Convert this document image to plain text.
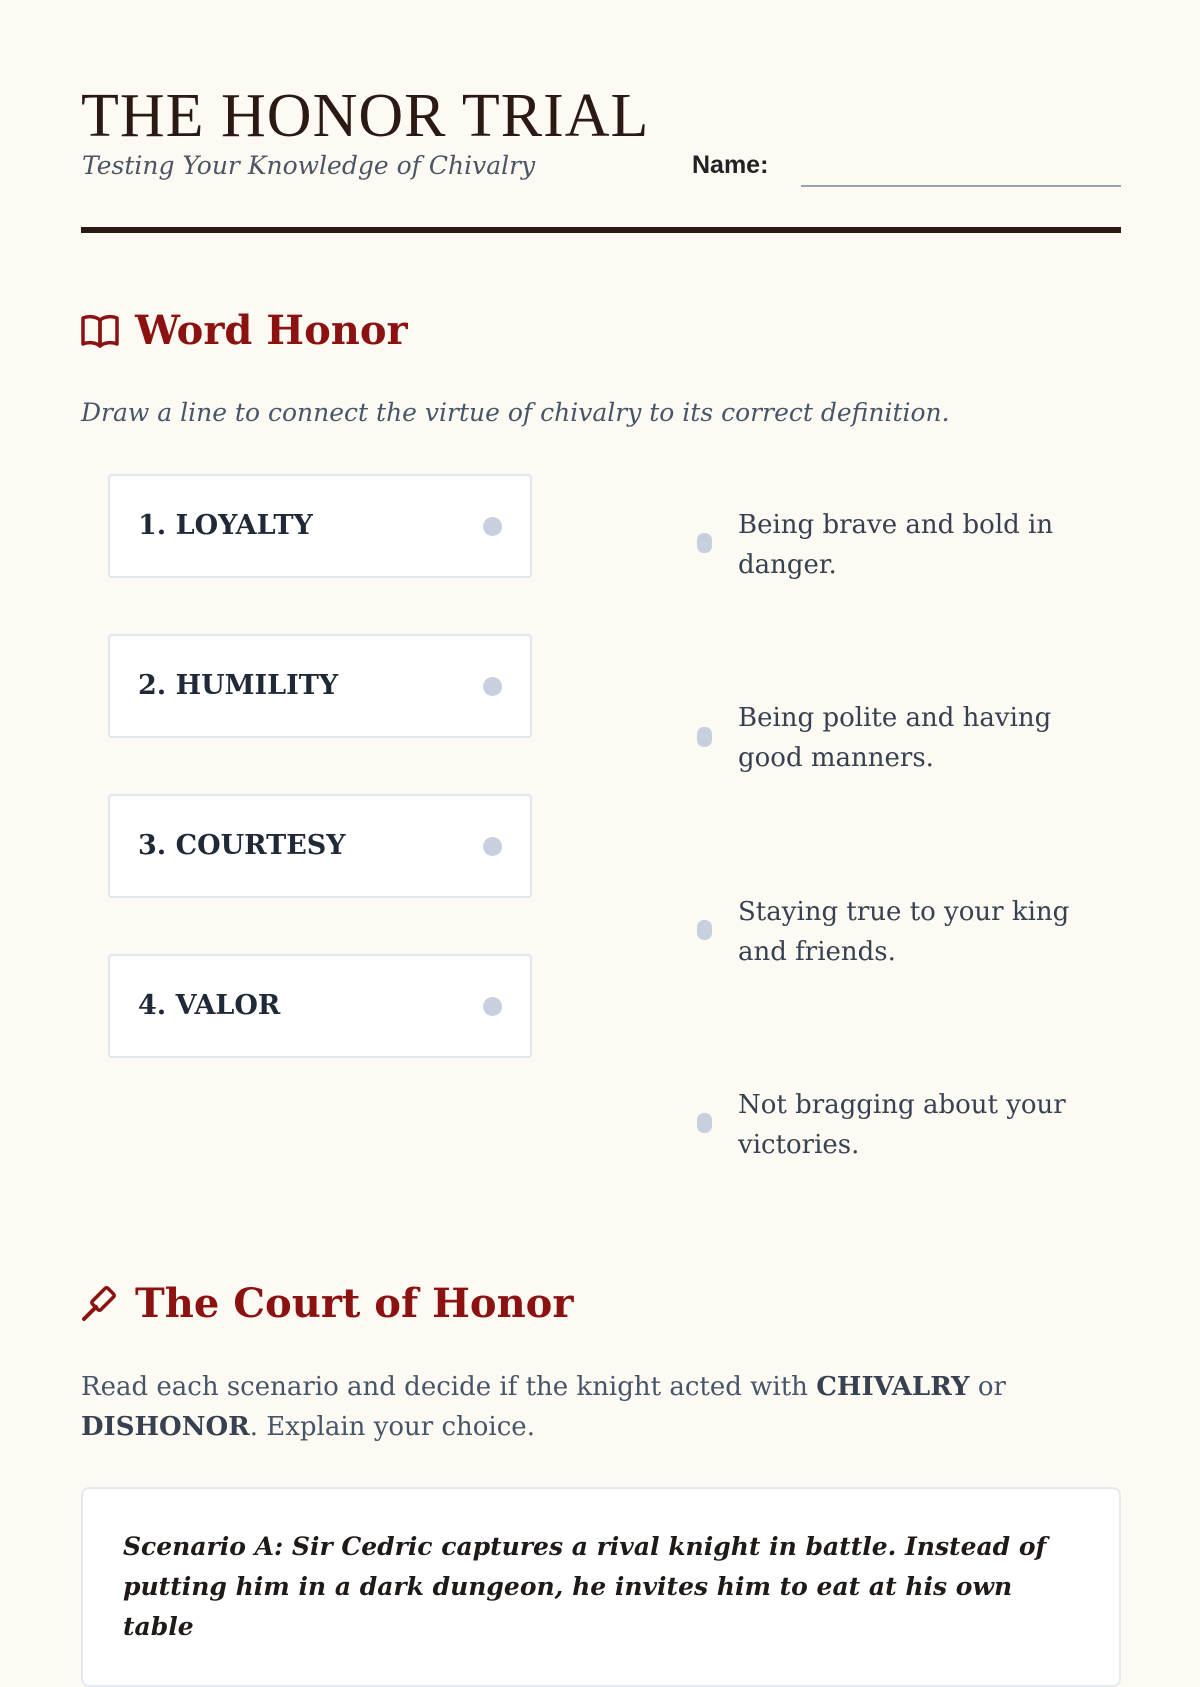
THE HONOR TRIAL
Testing Your Knowledge of Chivalry	Name:
Word Honor
Draw a line to connect the virtue of chivalry to its correct definition.
1. LOYALTY
2. HUMILITY
3. COURTESY
4. VALOR
Being brave and bold in danger.
Being polite and having good manners.
Staying true to your king and friends.
Not bragging about your victories.
The Court of Honor
Read each scenario and decide if the knight acted with CHIVALRY or DISHONOR. Explain your choice.
Scenario A: Sir Cedric captures a rival knight in battle. Instead of putting him in a dark dungeon, he invites him to eat at his own table
